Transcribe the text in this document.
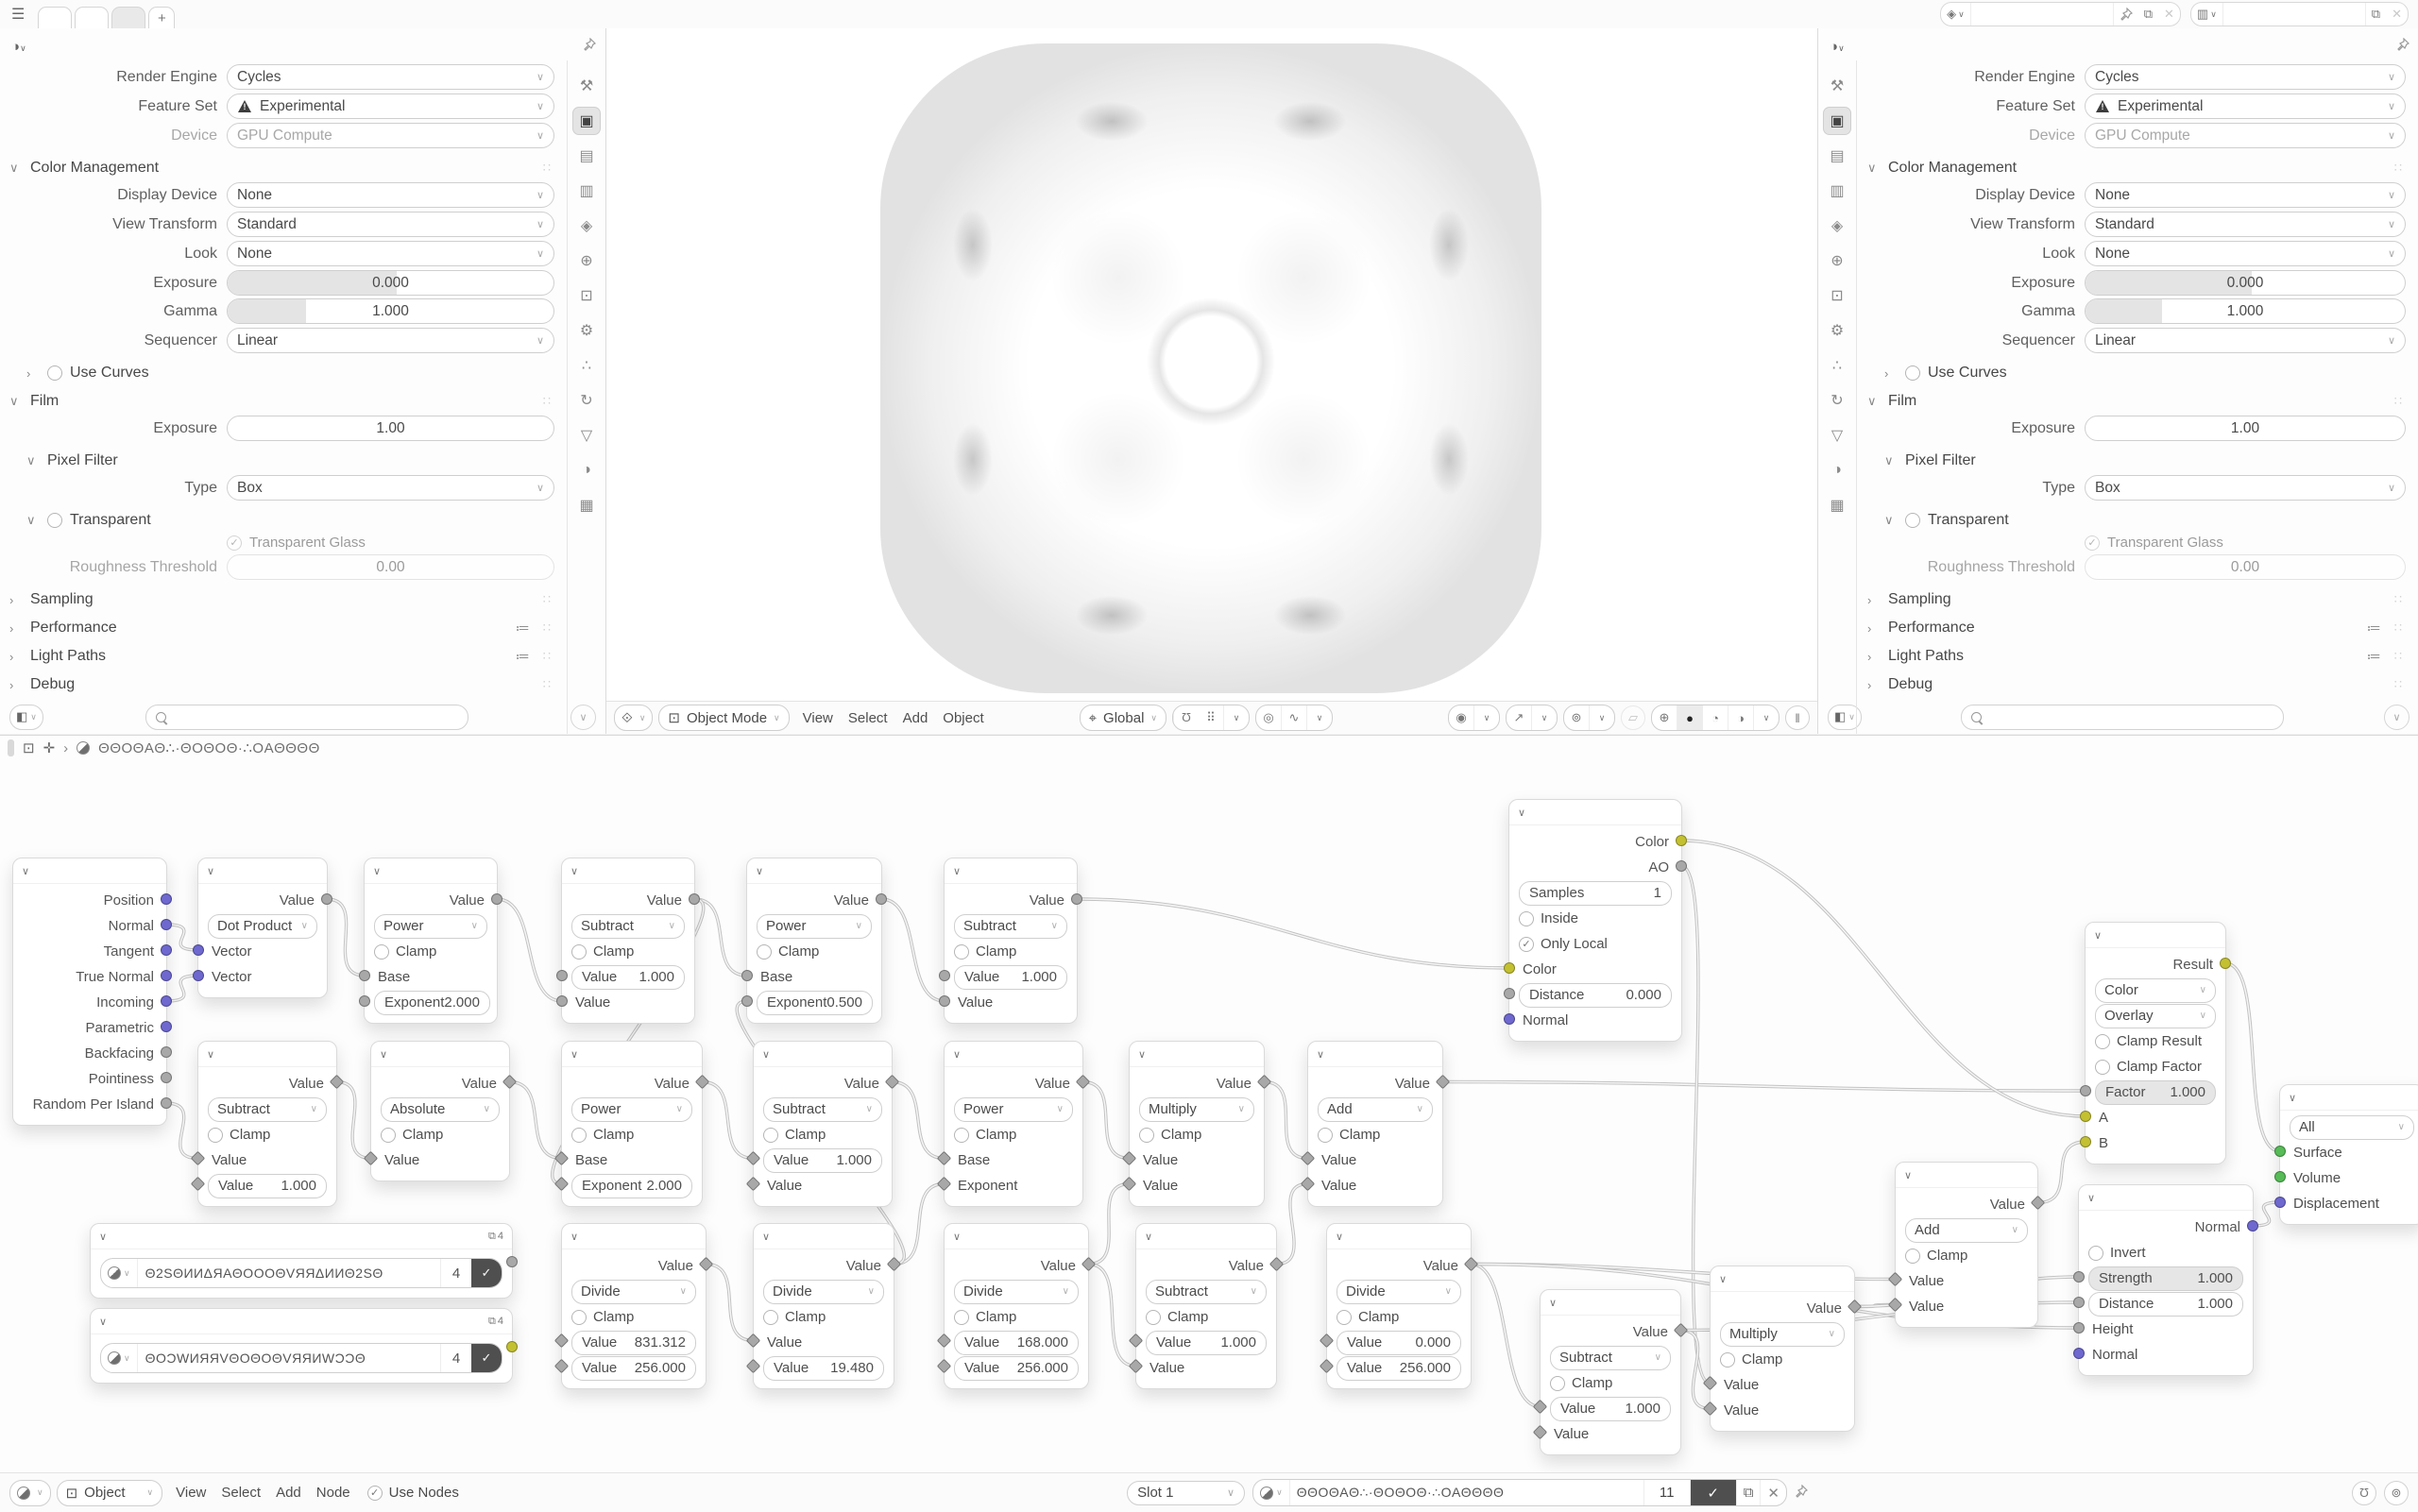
☰	+	◈ ∨	⧉ ✕	▥ ∨	⧉ ✕
◑∨
Render Engine Cycles	∨
Feature Set !	Experimental	∨
Device GPU Compute	∨
∨ Color Management	∷
Display Device None	∨
View Transform Standard	∨
Look None	∨
Exposure	0.000
Gamma	1.000
Sequencer Linear	∨
›	Use Curves
∨ Film	∷
Exposure	1.00
∨ Pixel Filter
Type Box	∨
∨ Transparent
✓ Transparent Glass
Roughness Threshold	0.00
›	Sampling	∷
›	Performance	≔ ∷
›	Light Paths	≔ ∷
›	Debug	∷
◧ ∨	∨
⚒
▣
▤
▥
◈
⊕
⊡
⚙
∴
↻
▽
◑
▦
◑∨
Render Engine Cycles	∨
Feature Set !	Experimental	∨
Device GPU Compute	∨
∨ Color Management	∷
Display Device None	∨
View Transform Standard	∨
Look None	∨
Exposure	0.000
Gamma	1.000
Sequencer Linear	∨
›	Use Curves
∨ Film	∷
Exposure	1.00
∨ Pixel Filter
Type Box	∨
∨ Transparent
✓ Transparent Glass
Roughness Threshold	0.00
›	Sampling	∷
›	Performance	≔ ∷
›	Light Paths	≔ ∷
›	Debug	∷
◧ ∨	∨
⚒
▣
▤
▥
◈
⊕
⊡
⚙
∴
↻
▽
◑
▦
⟐ ∨ ⊡ Object Mode ∨	View	Select	Add	Object	⌖ Global ∨	Ω	⠿	∨	◎	∿	∨	◉	∨	↗	∨	⊚	∨	▱	⊕	●	◔	◑	∨	‖
⊡ ✛ › ΘΘΟΘAΘ∴·ΘΟΘΟΘ·∴ΟAΘΘΘΘ
∨
Position
Normal
Tangent
True Normal
Incoming
Parametric
Backfacing
Pointiness
Random Per Island
∨
Value
Dot Product ∨
Vector
Vector
∨
Value
Power	∨
Clamp
Base
Exponent 2.000
∨
Value
Subtract	∨
Clamp
Value 1.000
Value
∨
Value
Power	∨
Clamp
Base
Exponent 0.500
∨
Value
Subtract	∨
Clamp
Value 1.000
Value
∨
Color
AO
Samples	1
Inside
✓ Only Local
Color
Distance	0.000
Normal
∨
Value
Subtract	∨
Clamp
Value
Value 1.000
∨
Value
Absolute	∨
Clamp
Value
∨
Value
Power	∨
Clamp
Base
Exponent 2.000
∨
Value
Subtract	∨
Clamp
Value 1.000
Value
∨
Value
Power	∨
Clamp
Base
Exponent
∨
Value
Multiply	∨
Clamp
Value
Value
∨
Value
Add	∨
Clamp
Value
Value
∨
Result
Color	∨
Overlay	∨
Clamp Result
Clamp Factor
Factor 1.000
A
B
∨	⧉ 4
∨	Θ2SΘИИΔЯAΘΟΟΟΘVЯЯΔИИΘ2SΘ	4	✓
∨	⧉ 4
∨	ΘΟƆWИЯЯVΘΟΘΟΘVЯЯИWƆƆΘ	4	✓
∨
Value
Divide	∨
Clamp
Value 831.312
Value 256.000
∨
Value
Divide	∨
Clamp
Value
Value 19.480
∨
Value
Divide	∨
Clamp
Value 168.000
Value 256.000
∨
Value
Subtract	∨
Clamp
Value 1.000
Value
∨
Value
Divide	∨
Clamp
Value 0.000
Value 256.000
∨
Value
Subtract	∨
Clamp
Value 1.000
Value
∨
Value
Multiply	∨
Clamp
Value
Value
∨
Value
Add	∨
Clamp
Value
Value
∨
Normal
Invert
Strength	1.000
Distance	1.000
Height
Normal
∨
All	∨
Surface
Volume
Displacement
∨ ⊡ Object	∨	View	Select	Add	Node	✓ Use Nodes	Slot 1	∨	∨	ΘΘΟΘAΘ∴·ΘΟΘΟΘ·∴ΟAΘΘΘΘ	11	✓	⧉	✕	Ω	⊚
